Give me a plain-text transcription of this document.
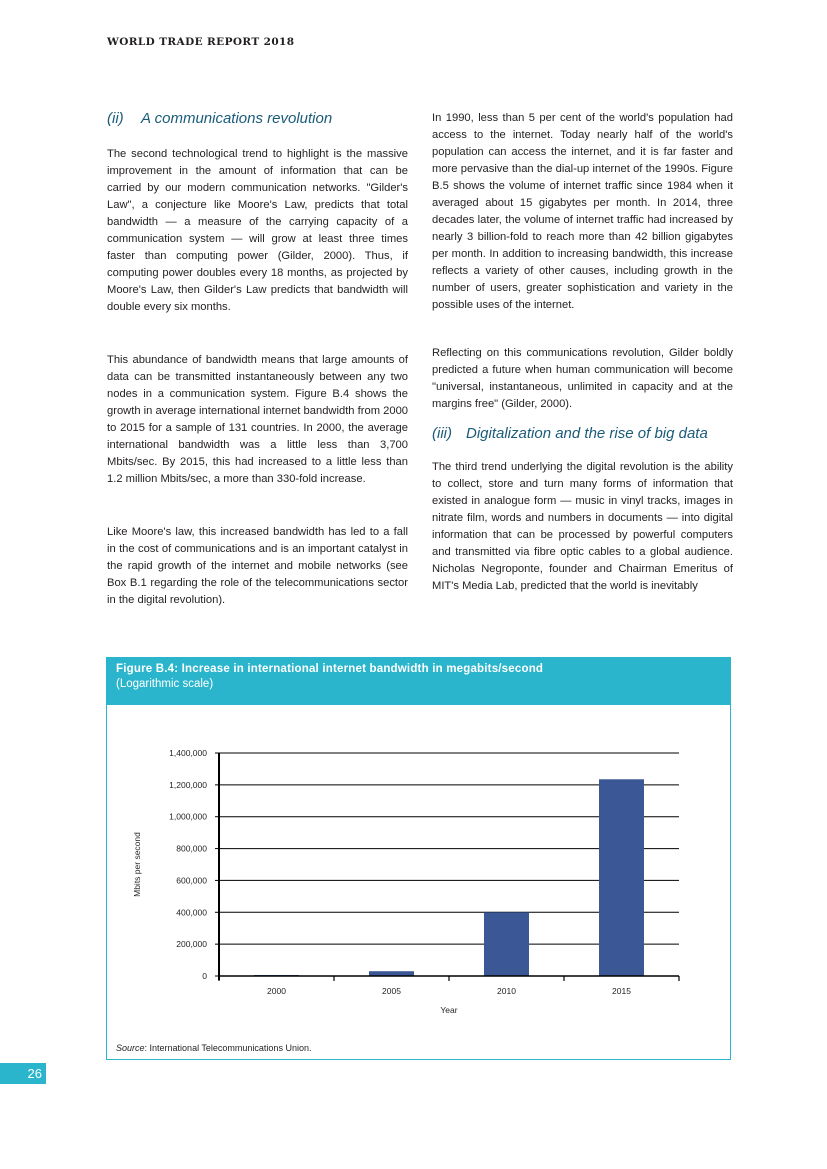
WORLD TRADE REPORT 2018
(ii) A communications revolution

The second technological trend to highlight is the massive improvement in the amount of information that can be carried by our modern communication networks. "Gilder's Law", a conjecture like Moore's Law, predicts that total bandwidth — a measure of the carrying capacity of a communication system — will grow at least three times faster than computing power (Gilder, 2000). Thus, if computing power doubles every 18 months, as projected by Moore's Law, then Gilder's Law predicts that bandwidth will double every six months.

This abundance of bandwidth means that large amounts of data can be transmitted instantaneously between any two nodes in a communication system. Figure B.4 shows the growth in average international internet bandwidth from 2000 to 2015 for a sample of 131 countries. In 2000, the average international bandwidth was a little less than 3,700 Mbits/sec. By 2015, this had increased to a little less than 1.2 million Mbits/sec, a more than 330-fold increase.

Like Moore's law, this increased bandwidth has led to a fall in the cost of communications and is an important catalyst in the rapid growth of the internet and mobile networks (see Box B.1 regarding the role of the telecommunications sector in the digital revolution).

In 1990, less than 5 per cent of the world's population had access to the internet. Today nearly half of the world's population can access the internet, and it is far faster and more pervasive than the dial-up internet of the 1990s. Figure B.5 shows the volume of internet traffic since 1984 when it averaged about 15 gigabytes per month. In 2014, three decades later, the volume of internet traffic had increased by nearly 3 billion-fold to reach more than 42 billion gigabytes per month. In addition to increasing bandwidth, this increase reflects a variety of other causes, including growth in the number of users, greater sophistication and variety in the possible uses of the internet.

Reflecting on this communications revolution, Gilder boldly predicted a future when human communication will become "universal, instantaneous, unlimited in capacity and at the margins free" (Gilder, 2000).

(iii) Digitalization and the rise of big data

The third trend underlying the digital revolution is the ability to collect, store and turn many forms of information that existed in analogue form — music in vinyl tracks, images in nitrate film, words and numbers in documents — into digital information that can be processed by powerful computers and transmitted via fibre optic cables to a global audience. Nicholas Negroponte, founder and Chairman Emeritus of MIT's Media Lab, predicted that the world is inevitably

Figure B.4: Increase in international internet bandwidth in megabits/second
(Logarithmic scale)
0
200,000
400,000
600,000
800,000
1,000,000
1,200,000
1,400,000
2000	2005	2010	2015
Year
Mbits per second
Source: International Telecommunications Union.
26
